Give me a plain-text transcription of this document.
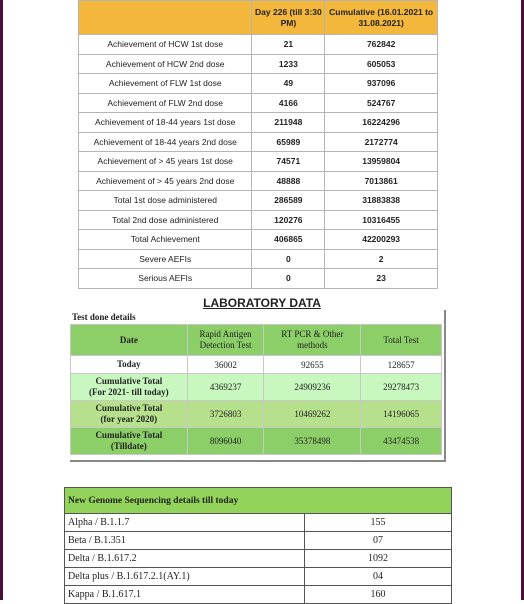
	Day 226 (till 3:30 PM)	Cumulative (16.01.2021 to 31.08.2021)
Achievement of HCW 1st dose	21	762842
Achievement of HCW 2nd dose	1233	605053
Achievement of FLW 1st dose	49	937096
Achievement of FLW 2nd dose	4166	524767
Achievement of 18-44 years 1st dose	211948	16224296
Achievement of 18-44 years 2nd dose	65989	2172774
Achievement of > 45 years 1st dose	74571	13959804
Achievement of > 45 years 2nd dose	48888	7013861
Total 1st dose administered	286589	31883838
Total 2nd dose administered	120276	10316455
Total Achievement	406865	42200293
Severe AEFIs	0	2
Serious AEFIs	0	23
LABORATORY DATA
Test done details
Date	Rapid Antigen Detection Test	RT PCR & Other methods	Total Test
Today	36002	92655	128657
Cumulative Total
(For 2021- till today)	4369237	24909236	29278473
Cumulative Total
(for year 2020)	3726803	10469262	14196065
Cumulative Total
(Tilldate)	8096040	35378498	43474538
New Genome Sequencing details till today	
Alpha / B.1.1.7	155
Beta / B.1.351	07
Delta / B.1.617.2	1092
Delta plus / B.1.617.2.1(AY.1)	04
Kappa / B.1.617.1	160
